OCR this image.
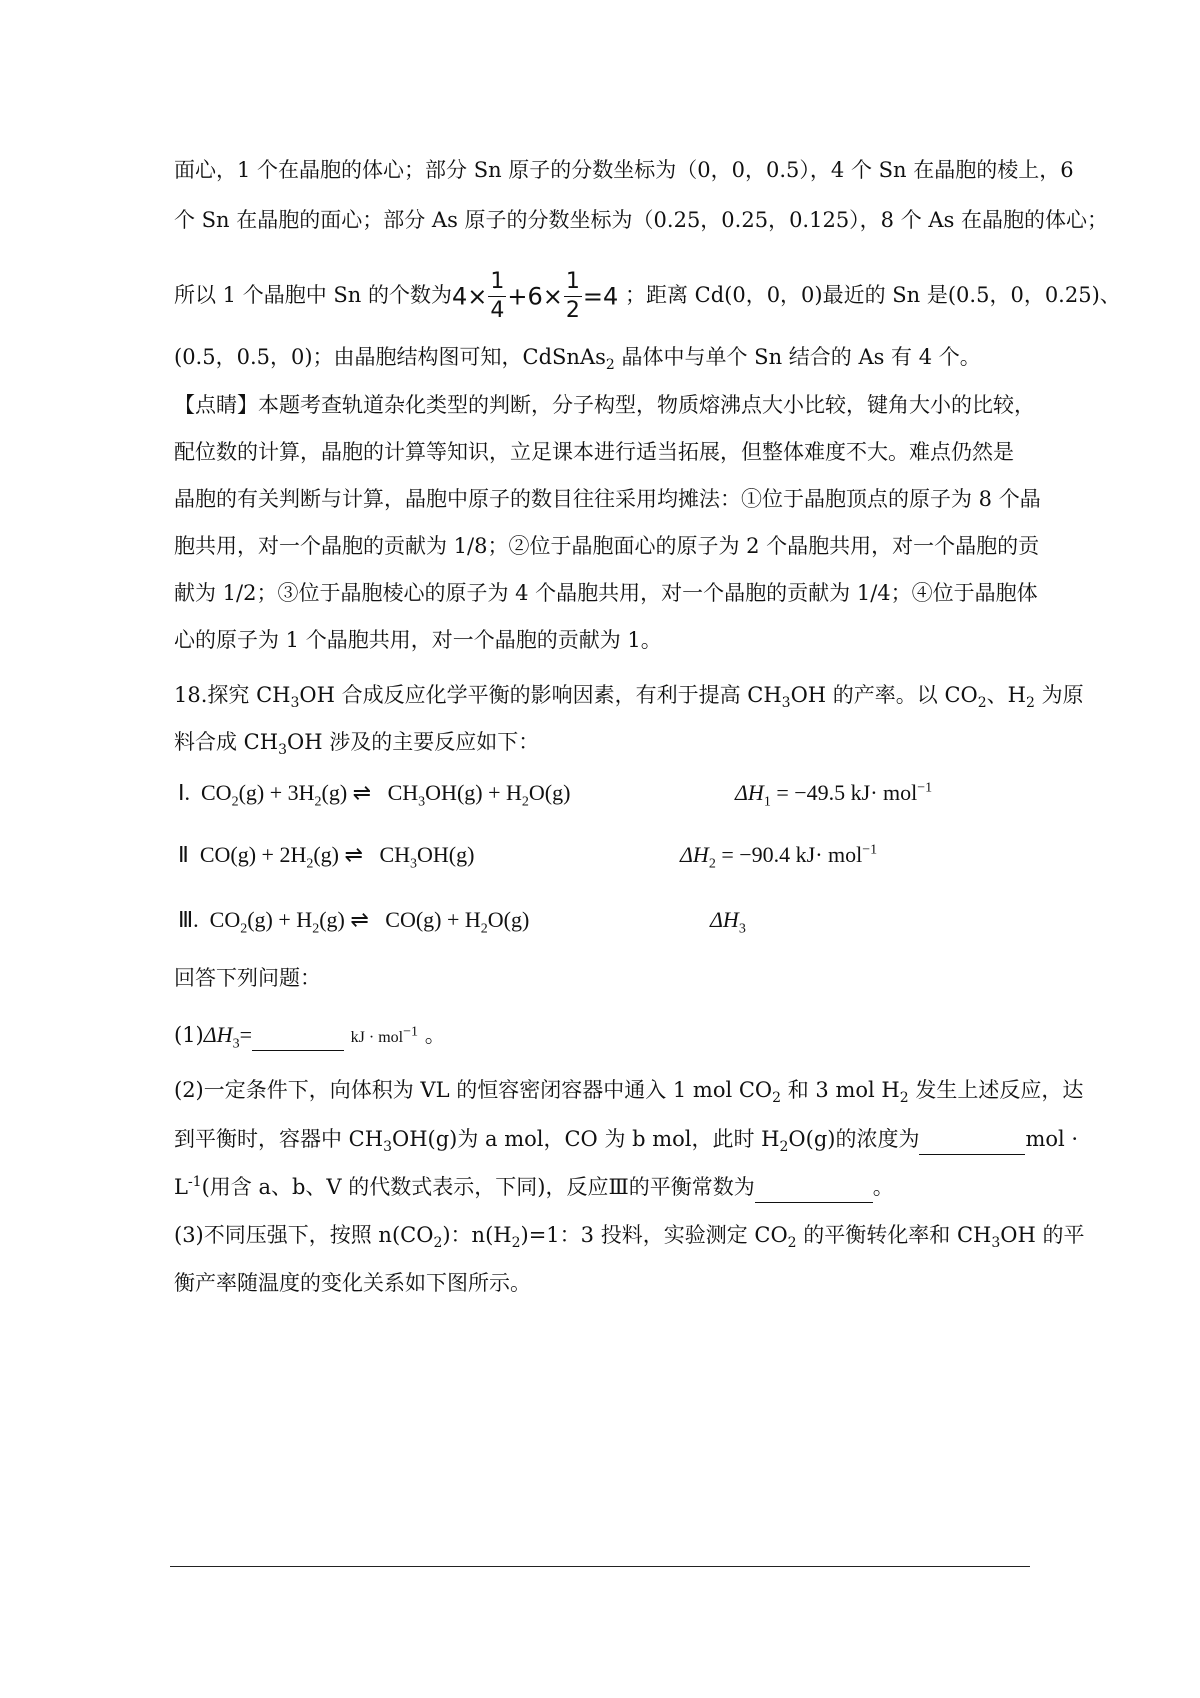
面心，1 个在晶胞的体心；部分 Sn 原子的分数坐标为（0，0，0.5），4 个 Sn 在晶胞的棱上，6
个 Sn 在晶胞的面心；部分 As 原子的分数坐标为（0.25，0.25，0.125），8 个 As 在晶胞的体心；
所以 1 个晶胞中 Sn 的个数为$4\times \frac{1}{4} +6\times \frac{1}{2} =4$ ；距离 Cd(0，0，0)最近的 Sn 是(0.5，0，0.25)、
(0.5，0.5，0)；由晶胞结构图可知，CdSnAs$_2$ 晶体中与单个 Sn 结合的 As 有 4 个。
【点睛】本题考查轨道杂化类型的判断，分子构型，物质熔沸点大小比较，键角大小的比较，
配位数的计算，晶胞的计算等知识，立足课本进行适当拓展，但整体难度不大。难点仍然是
晶胞的有关判断与计算，晶胞中原子的数目往往采用均摊法：①位于晶胞顶点的原子为 8 个晶
胞共用，对一个晶胞的贡献为 1/8；②位于晶胞面心的原子为 2 个晶胞共用，对一个晶胞的贡
献为 1/2；③位于晶胞棱心的原子为 4 个晶胞共用，对一个晶胞的贡献为 1/4；④位于晶胞体
心的原子为 1 个晶胞共用，对一个晶胞的贡献为 1。
18.探究 $CH_3OH$ 合成反应化学平衡的影响因素，有利于提高 $CH_3OH$ 的产率。以 $CO_2$、$H_2$ 为原
料合成 $CH_3OH$ 涉及的主要反应如下：
Ⅰ. $CO_2(g) + 3H_2(g)$ ⇌ $CH_3OH(g) + H_2O(g)$	$\Delta H_1 = -49.5$ kJ· mol$^{-1}$
Ⅱ $CO(g) + 2H_2(g)$ ⇌ $CH_3OH(g)$	$\Delta H_2 = -90.4$ kJ· mol$^{-1}$
Ⅲ. $CO_2(g) + H_2(g)$ ⇌ $CO(g) + H_2O(g)$	$\Delta H_3$
回答下列问题：
$(1)\Delta H_3=$	kJ · mol$^{-1}$ 。
(2)一定条件下，向体积为 VL 的恒容密闭容器中通入 1 mol $CO_2$ 和 3 mol $H_2$ 发生上述反应，达
到平衡时，容器中 $CH_3OH(g)$为 a mol，CO 为 b mol，此时 $H_2O(g)$的浓度为	mol ·
$L^{-1}$(用含 a、b、V 的代数式表示，下同)，反应Ⅲ的平衡常数为	。
(3)不同压强下，按照 $n(CO_2)$：$n(H_2)=1$：3 投料，实验测定 $CO_2$ 的平衡转化率和 $CH_3OH$ 的平
衡产率随温度的变化关系如下图所示。
